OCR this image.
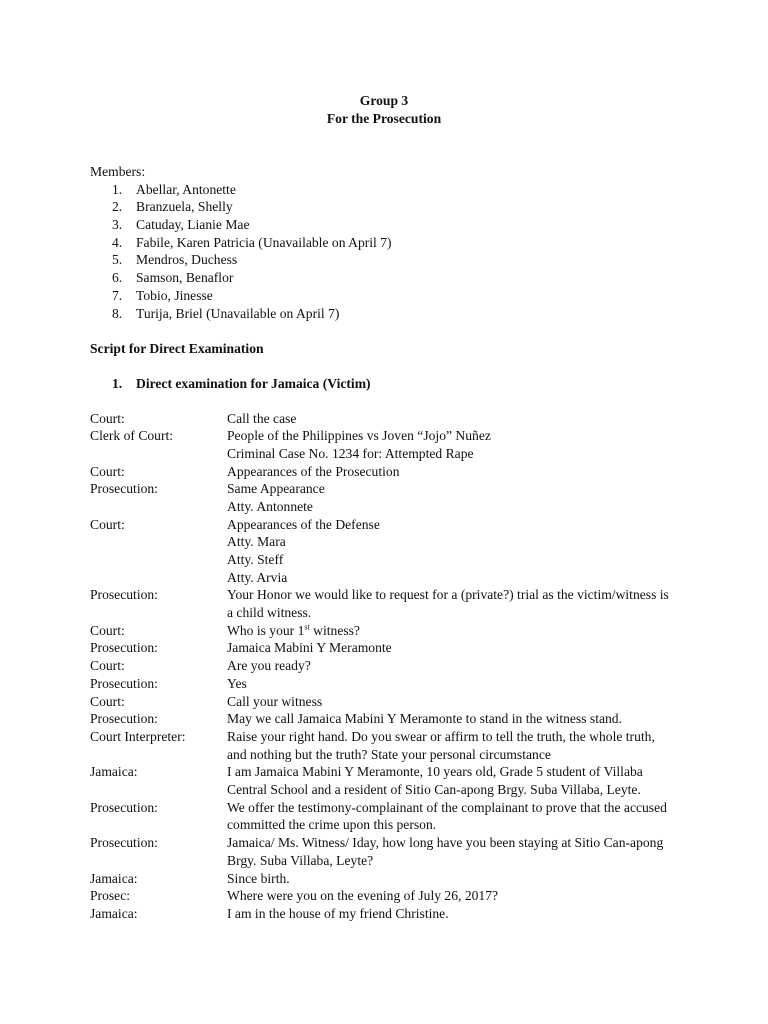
Group 3
For the Prosecution
Members:
1. Abellar, Antonette
2. Branzuela, Shelly
3. Catuday, Lianie Mae
4. Fabile, Karen Patricia (Unavailable on April 7)
5. Mendros, Duchess
6. Samson, Benaflor
7. Tobio, Jinesse
8. Turija, Briel (Unavailable on April 7)
Script for Direct Examination
1. Direct examination for Jamaica (Victim)
Court:	Call the case
Clerk of Court:	People of the Philippines vs Joven “Jojo” Nuñez
Criminal Case No. 1234 for: Attempted Rape
Court:	Appearances of the Prosecution
Prosecution:	Same Appearance
Atty. Antonnete
Court:	Appearances of the Defense
Atty. Mara
Atty. Steff
Atty. Arvia
Prosecution:	Your Honor we would like to request for a (private?) trial as the victim/witness is
a child witness.
Court:	Who is your 1st witness?
Prosecution:	Jamaica Mabini Y Meramonte
Court:	Are you ready?
Prosecution:	Yes
Court:	Call your witness
Prosecution:	May we call Jamaica Mabini Y Meramonte to stand in the witness stand.
Court Interpreter:	Raise your right hand. Do you swear or affirm to tell the truth, the whole truth,
and nothing but the truth? State your personal circumstance
Jamaica:	I am Jamaica Mabini Y Meramonte, 10 years old, Grade 5 student of Villaba
Central School and a resident of Sitio Can-apong Brgy. Suba Villaba, Leyte.
Prosecution:	We offer the testimony-complainant of the complainant to prove that the accused
committed the crime upon this person.
Prosecution:	Jamaica/ Ms. Witness/ Iday, how long have you been staying at Sitio Can-apong
Brgy. Suba Villaba, Leyte?
Jamaica:	Since birth.
Prosec:	Where were you on the evening of July 26, 2017?
Jamaica:	I am in the house of my friend Christine.
